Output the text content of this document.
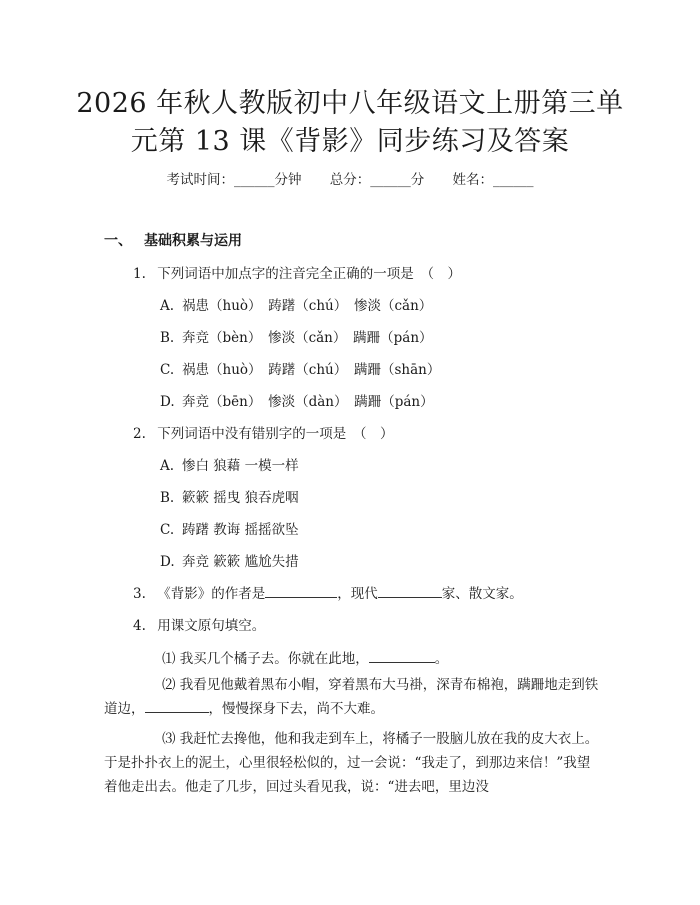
2026 年秋人教版初中八年级语文上册第三单
元第 13 课《背影》同步练习及答案
考试时间：______分钟 总分：______分 姓名：______
一、 基础积累与运用
1. 下列词语中加点字的注音完全正确的一项是　（　）
A. 祸患（huò）　踌躇（chú）　惨淡（cǎn）
B. 奔竞（bèn）　惨淡（cǎn）　蹒跚（pán）
C. 祸患（huò）　踌躇（chú）　蹒跚（shān）
D. 奔竞（bēn）　惨淡（dàn）　蹒跚（pán）
2. 下列词语中没有错别字的一项是　（　）
A. 惨白 狼藉 一模一样
B. 簌簌 摇曳 狼吞虎咽
C. 踌躇 教诲 摇摇欲坠
D. 奔竞 簌簌 尴尬失措
3. 《背影》的作者是	，现代	家、散文家。
4. 用课文原句填空。
⑴ 我买几个橘子去。你就在此地，	。
⑵ 我看见他戴着黑布小帽，穿着黑布大马褂，深青布棉袍，蹒跚地走到铁道边，	，慢慢探身下去，尚不大难。
⑶ 我赶忙去搀他，他和我走到车上，将橘子一股脑儿放在我的皮大衣上。于是扑扑衣上的泥土，心里很轻松似的，过一会说：“我走了，到那边来信！”我望着他走出去。他走了几步，回过头看见我，说：“进去吧，里边没
